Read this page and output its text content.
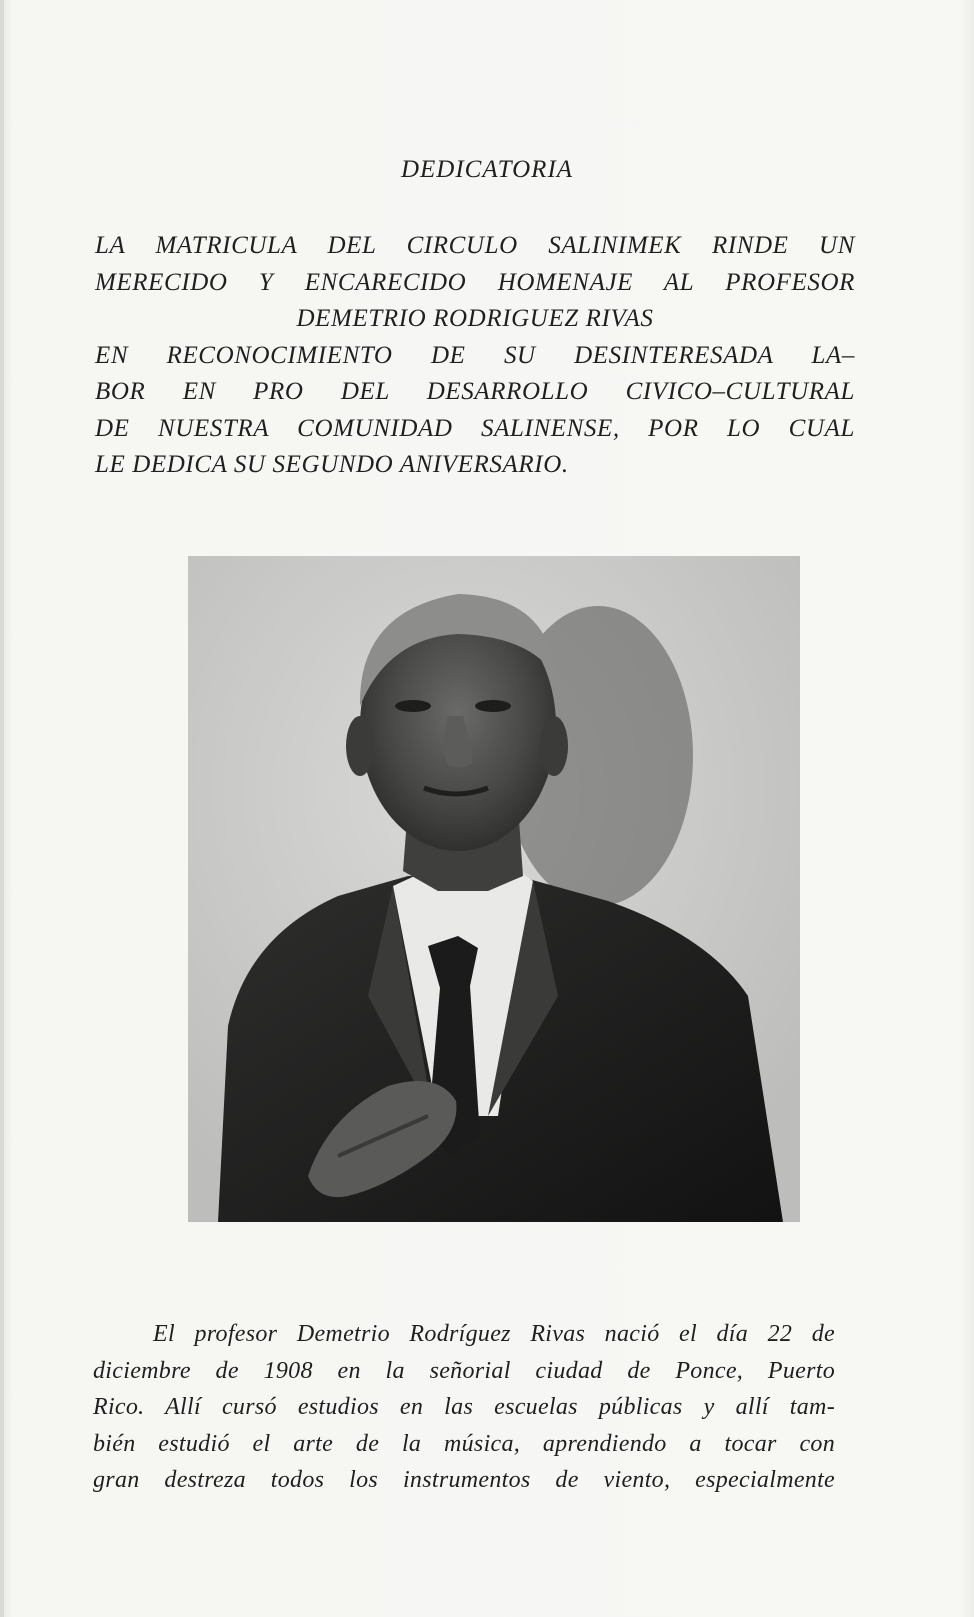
DEDICATORIA
LA MATRICULA DEL CIRCULO SALINIMEK RINDE UN
MERECIDO Y ENCARECIDO HOMENAJE AL PROFESOR
DEMETRIO RODRIGUEZ RIVAS
EN RECONOCIMIENTO DE SU DESINTERESADA LA–
BOR EN PRO DEL DESARROLLO CIVICO–CULTURAL
DE NUESTRA COMUNIDAD SALINENSE, POR LO CUAL
LE DEDICA SU SEGUNDO ANIVERSARIO.
El profesor Demetrio Rodríguez Rivas nació el día 22 de
diciembre de 1908 en la señorial ciudad de Ponce, Puerto
Rico. Allí cursó estudios en las escuelas públicas y allí tam-
bién estudió el arte de la música, aprendiendo a tocar con
gran destreza todos los instrumentos de viento, especialmente
